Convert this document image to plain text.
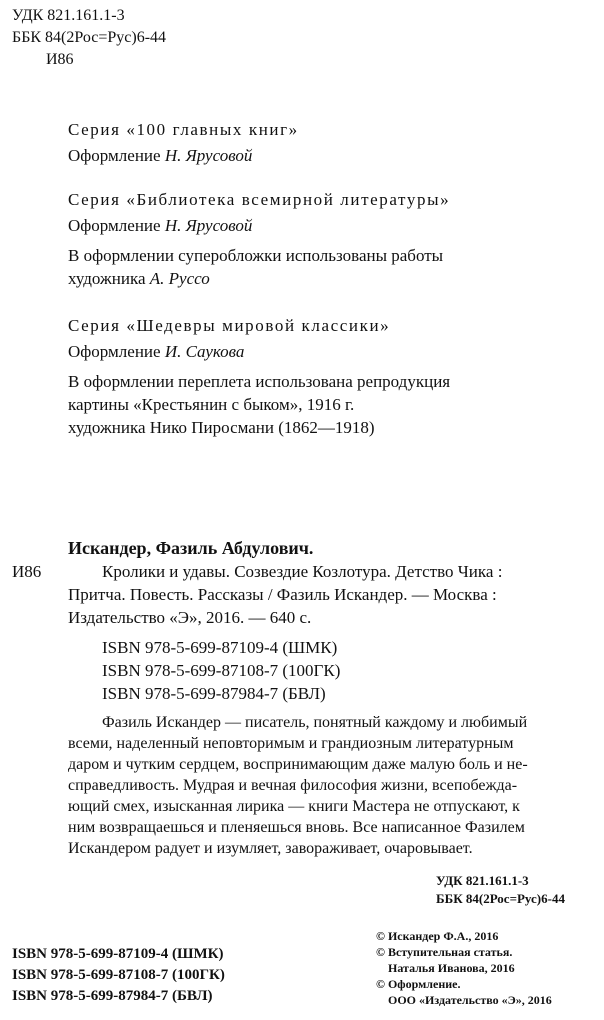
УДК 821.161.1-3
ББК 84(2Рос=Рус)6-44
И86
Серия «100 главных книг»
Оформление Н. Ярусовой
Серия «Библиотека всемирной литературы»
Оформление Н. Ярусовой
В оформлении суперобложки использованы работы
художника А. Руссо
Серия «Шедевры мировой классики»
Оформление И. Саукова
В оформлении переплета использована репродукция
картины «Крестьянин с быком», 1916 г.
художника Нико Пиросмани (1862—1918)
Искандер, Фазиль Абдулович.
И86	Кролики и удавы. Созвездие Козлотура. Детство Чика :
Притча. Повесть. Рассказы / Фазиль Искандер. — Москва :
Издательство «Э», 2016. — 640 с.
ISBN 978-5-699-87109-4 (ШМК)
ISBN 978-5-699-87108-7 (100ГК)
ISBN 978-5-699-87984-7 (БВЛ)
Фазиль Искандер — писатель, понятный каждому и любимый
всеми, наделенный неповторимым и грандиозным литературным
даром и чутким сердцем, воспринимающим даже малую боль и не-
справедливость. Мудрая и вечная философия жизни, всепобежда-
ющий смех, изысканная лирика — книги Мастера не отпускают, к
ним возвращаешься и пленяешься вновь. Все написанное Фазилем
Искандером радует и изумляет, завораживает, очаровывает.
УДК 821.161.1-3
ББК 84(2Рос=Рус)6-44
ISBN 978-5-699-87109-4 (ШМК)
ISBN 978-5-699-87108-7 (100ГК)
ISBN 978-5-699-87984-7 (БВЛ)
© Искандер Ф.А., 2016
© Вступительная статья.
Наталья Иванова, 2016
© Оформление.
ООО «Издательство «Э», 2016
